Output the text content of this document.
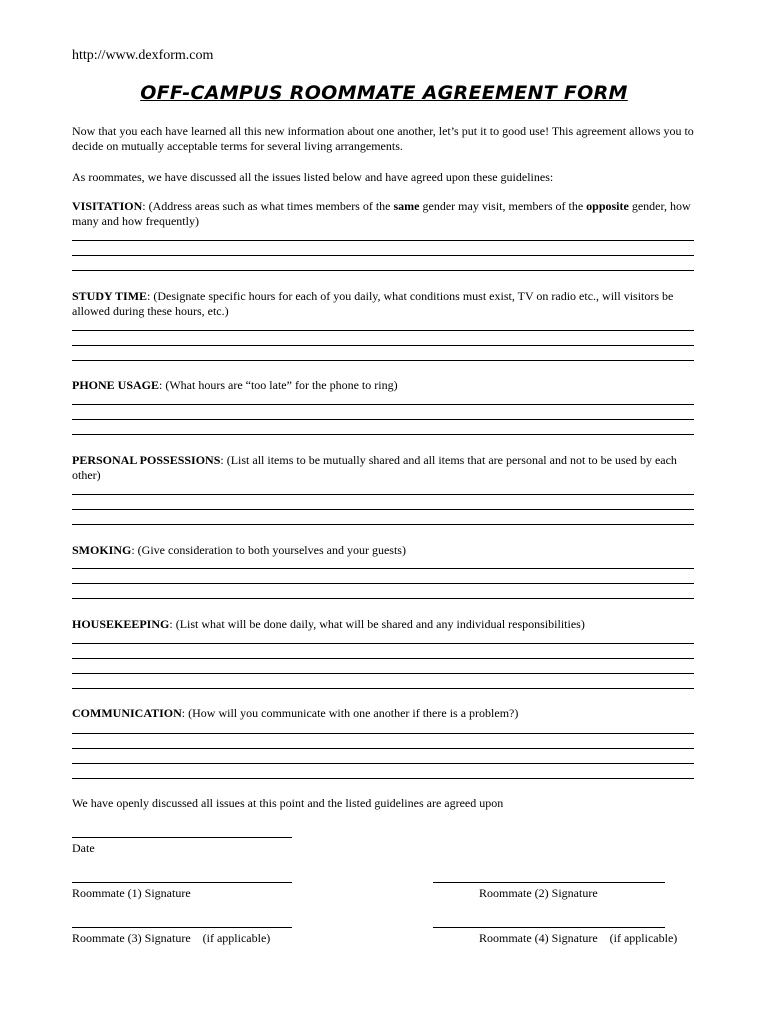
http://www.dexform.com
OFF-CAMPUS ROOMMATE AGREEMENT FORM
Now that you each have learned all this new information about one another, let’s put it to good use! This agreement allows you to decide on mutually acceptable terms for several living arrangements.
As roommates, we have discussed all the issues listed below and have agreed upon these guidelines:
VISITATION: (Address areas such as what times members of the same gender may visit, members of the opposite gender, how many and how frequently)
STUDY TIME: (Designate specific hours for each of you daily, what conditions must exist, TV on radio etc., will visitors be allowed during these hours, etc.)
PHONE USAGE: (What hours are “too late” for the phone to ring)
PERSONAL POSSESSIONS: (List all items to be mutually shared and all items that are personal and not to be used by each other)
SMOKING: (Give consideration to both yourselves and your guests)
HOUSEKEEPING: (List what will be done daily, what will be shared and any individual responsibilities)
COMMUNICATION: (How will you communicate with one another if there is a problem?)
We have openly discussed all issues at this point and the listed guidelines are agreed upon
Date
Roommate (1) Signature	Roommate (2) Signature
Roommate (3) Signature    (if applicable)	Roommate (4) Signature    (if applicable)
